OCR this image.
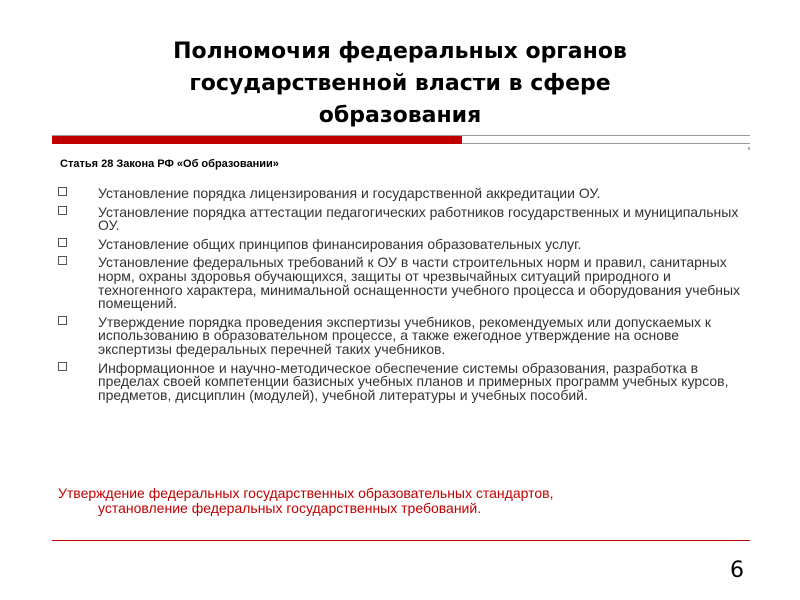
Полномочия федеральных органов
государственной власти в сфере
образования
Статья 28 Закона РФ «Об образовании»
Установление порядка лицензирования и государственной аккредитации ОУ.
Установление порядка аттестации педагогических работников государственных и муниципальных ОУ.
Установление общих принципов финансирования образовательных услуг.
Установление федеральных требований к ОУ в части строительных норм и правил, санитарных норм, охраны здоровья обучающихся, защиты от чрезвычайных ситуаций природного и техногенного характера, минимальной оснащенности учебного процесса и оборудования учебных помещений.
Утверждение порядка проведения экспертизы учебников, рекомендуемых или допускаемых к использованию в образовательном процессе, а также ежегодное утверждение на основе экспертизы федеральных перечней таких учебников.
Информационное и научно-методическое обеспечение системы образования, разработка в пределах своей компетенции базисных учебных планов и примерных программ учебных курсов, предметов, дисциплин (модулей), учебной литературы и учебных пособий.
Утверждение федеральных государственных образовательных стандартов,
установление федеральных государственных требований.
6
